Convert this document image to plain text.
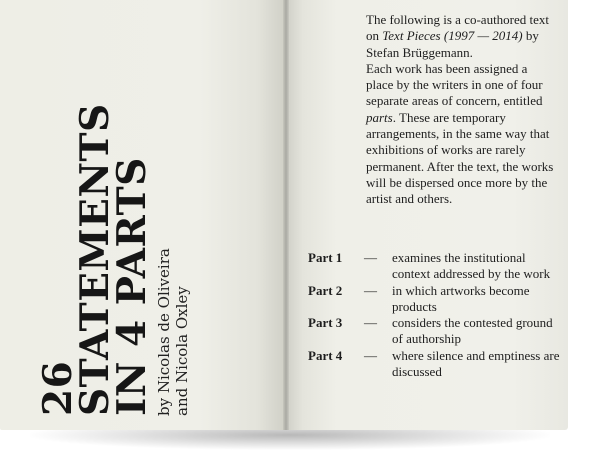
26
STATEMENTS
IN 4 PARTS by Nicolas de Oliveira and Nicola Oxley
The following is a co-authored text on Text Pieces (1997 — 2014) by Stefan Brüggemann.
Each work has been assigned a place by the writers in one of four separate areas of concern, entitled parts. These are temporary arrangements, in the same way that exhibitions of works are rarely permanent. After the text, the works will be dispersed once more by the artist and others.
Part 1	—	examines the institutional context addressed by the work
Part 2	—	in which artworks become products
Part 3	—	considers the contested ground of authorship
Part 4	—	where silence and emptiness are discussed
